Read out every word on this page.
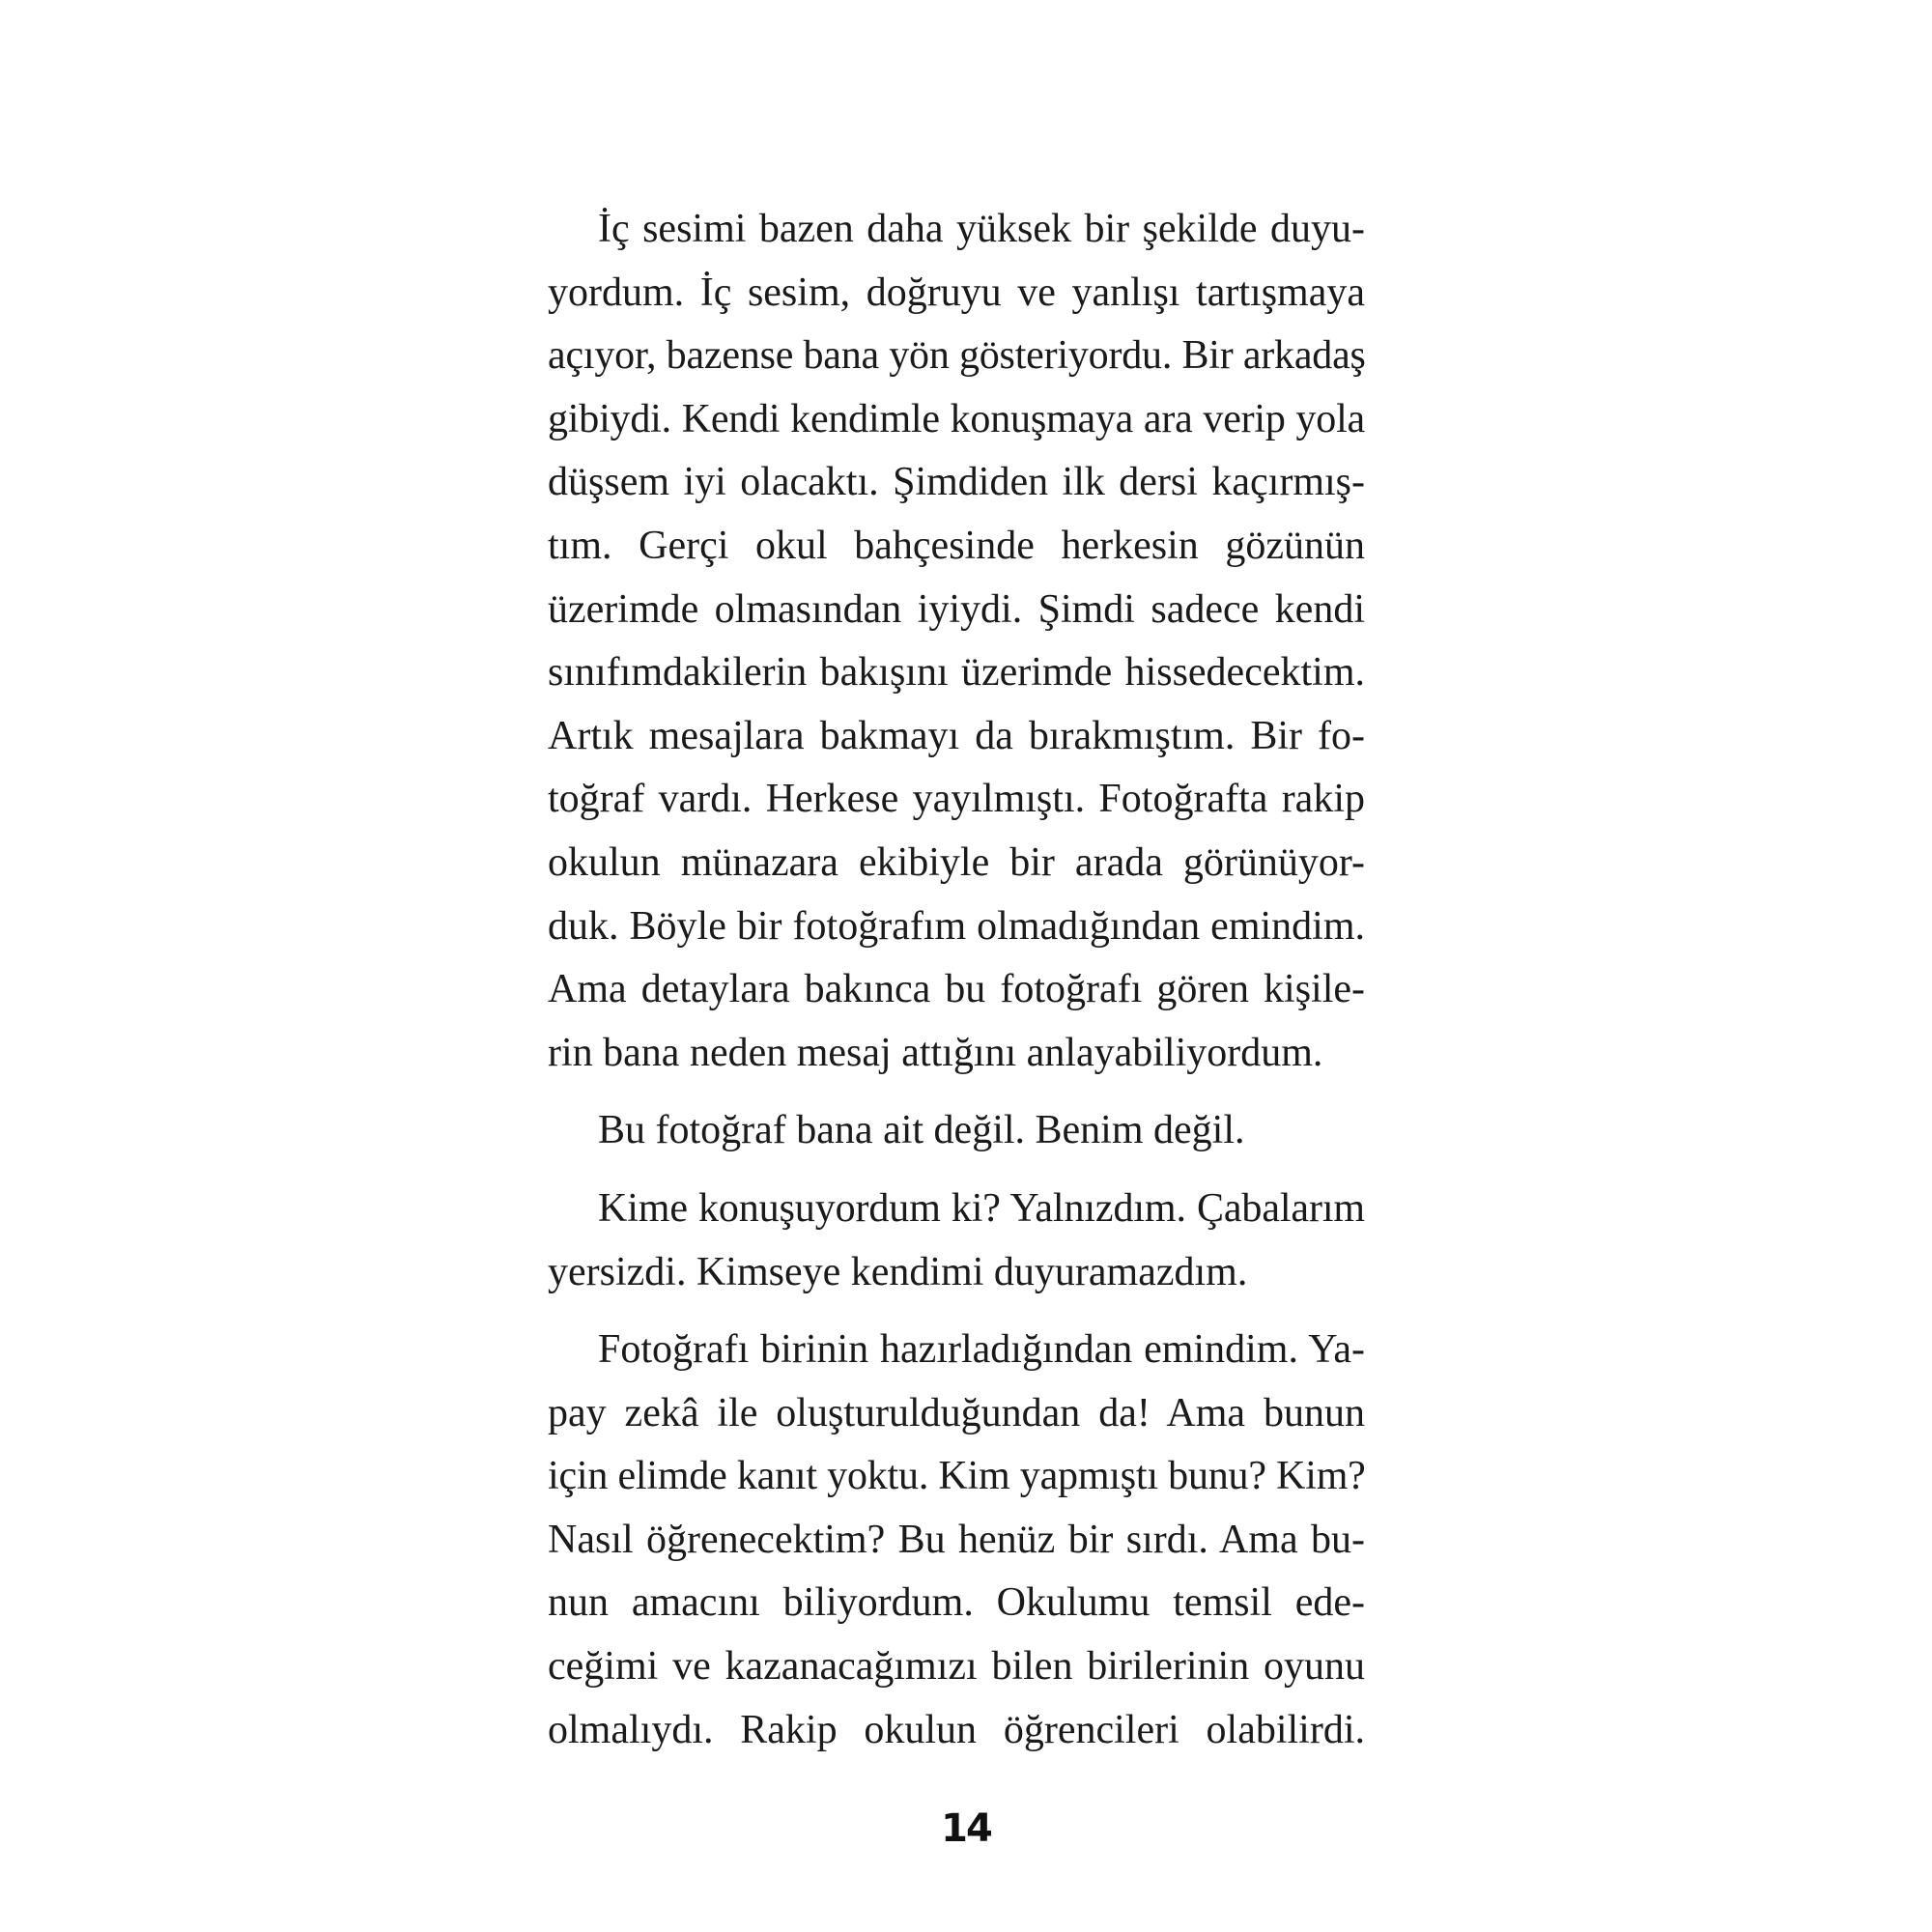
İç sesimi bazen daha yüksek bir şekilde duyu-
yordum. İç sesim, doğruyu ve yanlışı tartışmaya
açıyor, bazense bana yön gösteriyordu. Bir arkadaş
gibiydi. Kendi kendimle konuşmaya ara verip yola
düşsem iyi olacaktı. Şimdiden ilk dersi kaçırmış-
tım. Gerçi okul bahçesinde herkesin gözünün
üzerimde olmasından iyiydi. Şimdi sadece kendi
sınıfımdakilerin bakışını üzerimde hissedecektim.
Artık mesajlara bakmayı da bırakmıştım. Bir fo-
toğraf vardı. Herkese yayılmıştı. Fotoğrafta rakip
okulun münazara ekibiyle bir arada görünüyor-
duk. Böyle bir fotoğrafım olmadığından emindim.
Ama detaylara bakınca bu fotoğrafı gören kişile-
rin bana neden mesaj attığını anlayabiliyordum.
Bu fotoğraf bana ait değil. Benim değil.
Kime konuşuyordum ki? Yalnızdım. Çabalarım
yersizdi. Kimseye kendimi duyuramazdım.
Fotoğrafı birinin hazırladığından emindim. Ya-
pay zekâ ile oluşturulduğundan da! Ama bunun
için elimde kanıt yoktu. Kim yapmıştı bunu? Kim?
Nasıl öğrenecektim? Bu henüz bir sırdı. Ama bu-
nun amacını biliyordum. Okulumu temsil ede-
ceğimi ve kazanacağımızı bilen birilerinin oyunu
olmalıydı. Rakip okulun öğrencileri olabilirdi.
14
